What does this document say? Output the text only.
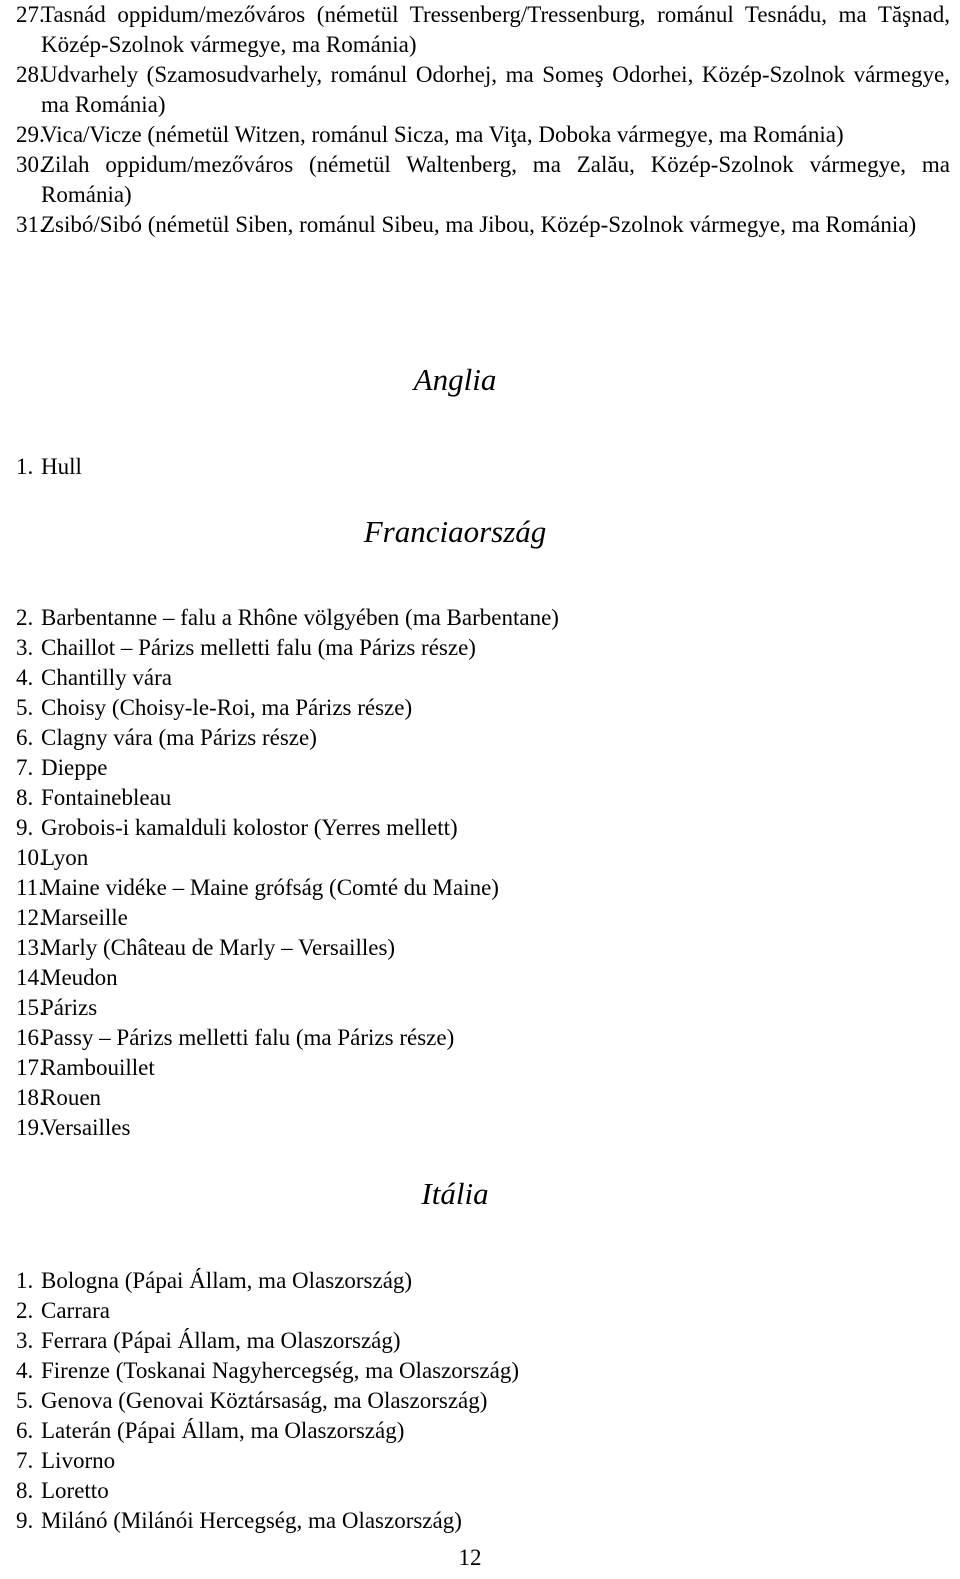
27.
Tasnád oppidum/mezőváros (németül Tressenberg/Tressenburg, románul Tesnádu, ma Tăşnad, Közép-Szolnok vármegye, ma Románia)
28.
Udvarhely (Szamosudvarhely, románul Odorhej, ma Someş Odorhei, Közép-Szolnok vármegye, ma Románia)
29.
Vica/Vicze (németül Witzen, románul Sicza, ma Viţa, Doboka vármegye, ma Románia)
30.
Zilah oppidum/mezőváros (németül Waltenberg, ma Zalău, Közép-Szolnok vármegye, ma Románia)
31.
Zsibó/Sibó (németül Siben, románul Sibeu, ma Jibou, Közép-Szolnok vármegye, ma Románia)
Anglia
1. Hull
Franciaország
2. Barbentanne – falu a Rhône völgyében (ma Barbentane)
3. Chaillot – Párizs melletti falu (ma Párizs része)
4. Chantilly vára
5. Choisy (Choisy-le-Roi, ma Párizs része)
6. Clagny vára (ma Párizs része)
7. Dieppe
8. Fontainebleau
9. Grobois-i kamalduli kolostor (Yerres mellett)
10.
Lyon
11.
Maine vidéke – Maine grófság (Comté du Maine)
12.
Marseille
13.
Marly (Château de Marly – Versailles)
14.
Meudon
15.
Párizs
16.
Passy – Párizs melletti falu (ma Párizs része)
17.
Rambouillet
18.
Rouen
19.
Versailles
Itália
1. Bologna (Pápai Állam, ma Olaszország)
2. Carrara
3. Ferrara (Pápai Állam, ma Olaszország)
4. Firenze (Toskanai Nagyhercegség, ma Olaszország)
5. Genova (Genovai Köztársaság, ma Olaszország)
6. Laterán (Pápai Állam, ma Olaszország)
7. Livorno
8. Loretto
9. Milánó (Milánói Hercegség, ma Olaszország)
12
